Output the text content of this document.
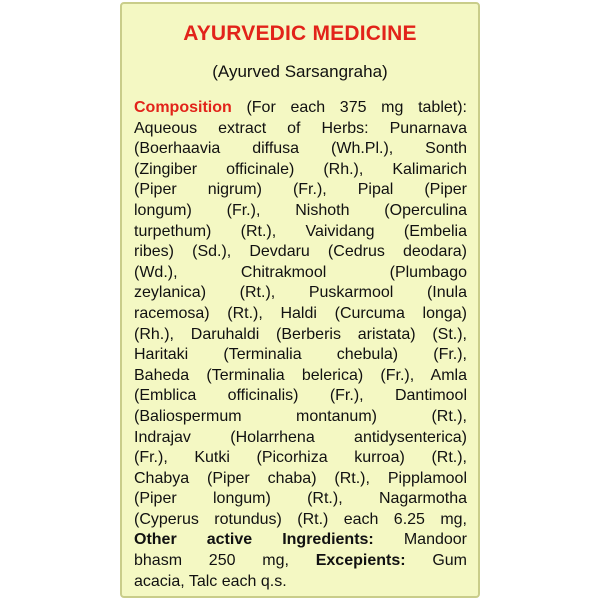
AYURVEDIC MEDICINE
(Ayurved Sarsangraha)
Composition (For each 375 mg tablet):
Aqueous extract of Herbs: Punarnava
(Boerhaavia diffusa (Wh.Pl.), Sonth
(Zingiber officinale) (Rh.), Kalimarich
(Piper nigrum) (Fr.), Pipal (Piper
longum) (Fr.), Nishoth (Operculina
turpethum) (Rt.), Vaividang (Embelia
ribes) (Sd.), Devdaru (Cedrus deodara)
(Wd.), Chitrakmool (Plumbago
zeylanica) (Rt.), Puskarmool (Inula
racemosa) (Rt.), Haldi (Curcuma longa)
(Rh.), Daruhaldi (Berberis aristata) (St.),
Haritaki (Terminalia chebula) (Fr.),
Baheda (Terminalia belerica) (Fr.), Amla
(Emblica officinalis) (Fr.), Dantimool
(Baliospermum montanum) (Rt.),
Indrajav (Holarrhena antidysenterica)
(Fr.), Kutki (Picorhiza kurroa) (Rt.),
Chabya (Piper chaba) (Rt.), Pipplamool
(Piper longum) (Rt.), Nagarmotha
(Cyperus rotundus) (Rt.) each 6.25 mg,
Other active Ingredients: Mandoor
bhasm 250 mg, Excepients: Gum
acacia, Talc each q.s.
